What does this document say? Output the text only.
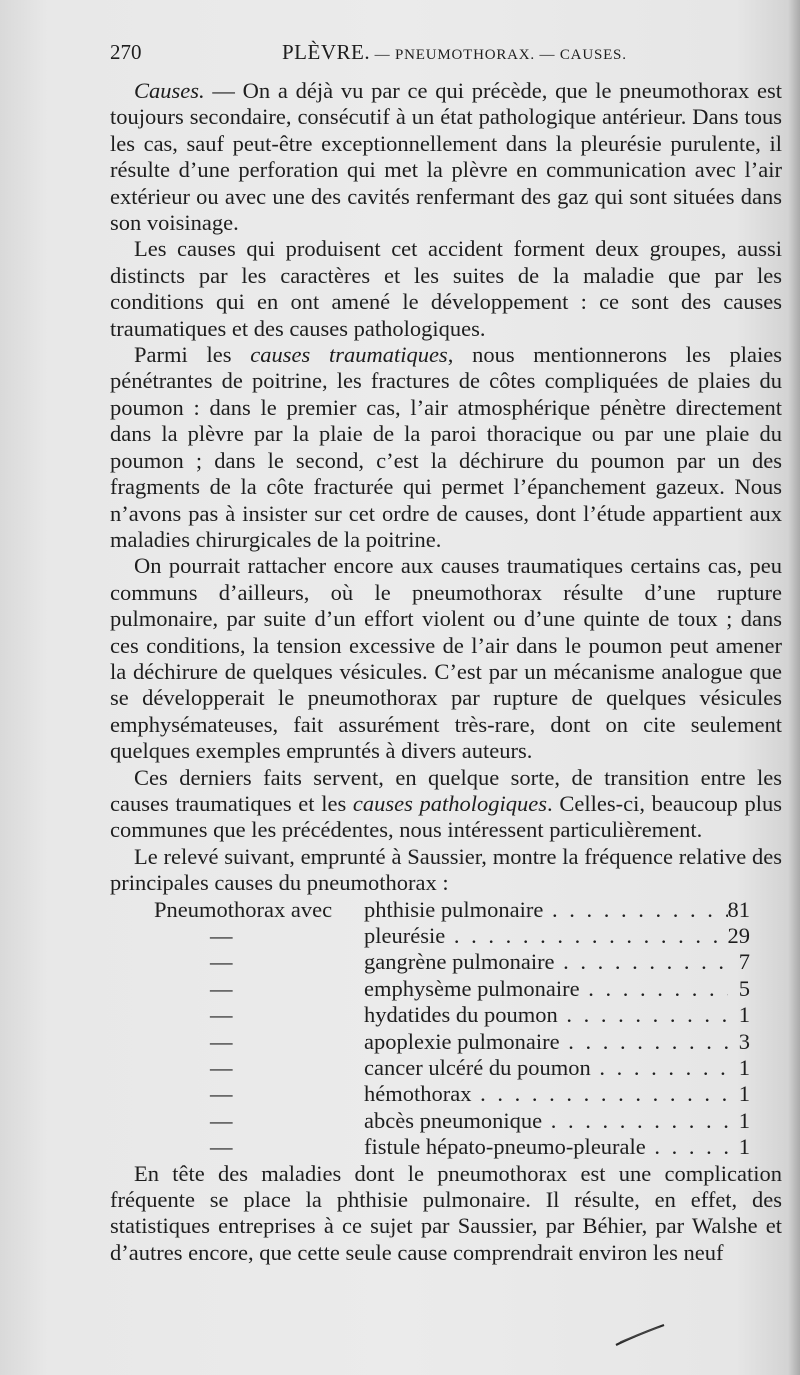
270	PLÈVRE. — PNEUMOTHORAX. — CAUSES.

Causes. — On a déjà vu par ce qui précède, que le pneumothorax est toujours secondaire, consécutif à un état pathologique antérieur. Dans tous les cas, sauf peut-être exceptionnellement dans la pleurésie purulente, il résulte d’une perforation qui met la plèvre en communication avec l’air extérieur ou avec une des cavités renfermant des gaz qui sont situées dans son voisinage.

Les causes qui produisent cet accident forment deux groupes, aussi distincts par les caractères et les suites de la maladie que par les conditions qui en ont amené le développement : ce sont des causes traumatiques et des causes pathologiques.

Parmi les causes traumatiques, nous mentionnerons les plaies pénétrantes de poitrine, les fractures de côtes compliquées de plaies du poumon : dans le premier cas, l’air atmosphérique pénètre directement dans la plèvre par la plaie de la paroi thoracique ou par une plaie du poumon ; dans le second, c’est la déchirure du poumon par un des fragments de la côte fracturée qui permet l’épanchement gazeux. Nous n’avons pas à insister sur cet ordre de causes, dont l’étude appartient aux maladies chirurgicales de la poitrine.

On pourrait rattacher encore aux causes traumatiques certains cas, peu communs d’ailleurs, où le pneumothorax résulte d’une rupture pulmonaire, par suite d’un effort violent ou d’une quinte de toux ; dans ces conditions, la tension excessive de l’air dans le poumon peut amener la déchirure de quelques vésicules. C’est par un mécanisme analogue que se développerait le pneumothorax par rupture de quelques vésicules emphysémateuses, fait assurément très-rare, dont on cite seulement quelques exemples empruntés à divers auteurs.

Ces derniers faits servent, en quelque sorte, de transition entre les causes traumatiques et les causes pathologiques. Celles-ci, beaucoup plus communes que les précédentes, nous intéressent particulièrement.

Le relevé suivant, emprunté à Saussier, montre la fréquence relative des principales causes du pneumothorax :

Pneumothorax avec phthisie pulmonaire . . .	81
—	pleurésie . . .	29
—	gangrène pulmonaire . . .	7
—	emphysème pulmonaire . . .	5
—	hydatides du poumon . . .	1
—	apoplexie pulmonaire . . .	3
—	cancer ulcéré du poumon . . .	1
—	hémothorax . . .	1
—	abcès pneumonique . . .	1
—	fistule hépato-pneumo-pleurale . . .	1

En tête des maladies dont le pneumothorax est une complication fréquente se place la phthisie pulmonaire. Il résulte, en effet, des statistiques entreprises à ce sujet par Saussier, par Béhier, par Walshe et d’autres encore, que cette seule cause comprendrait environ les neuf
